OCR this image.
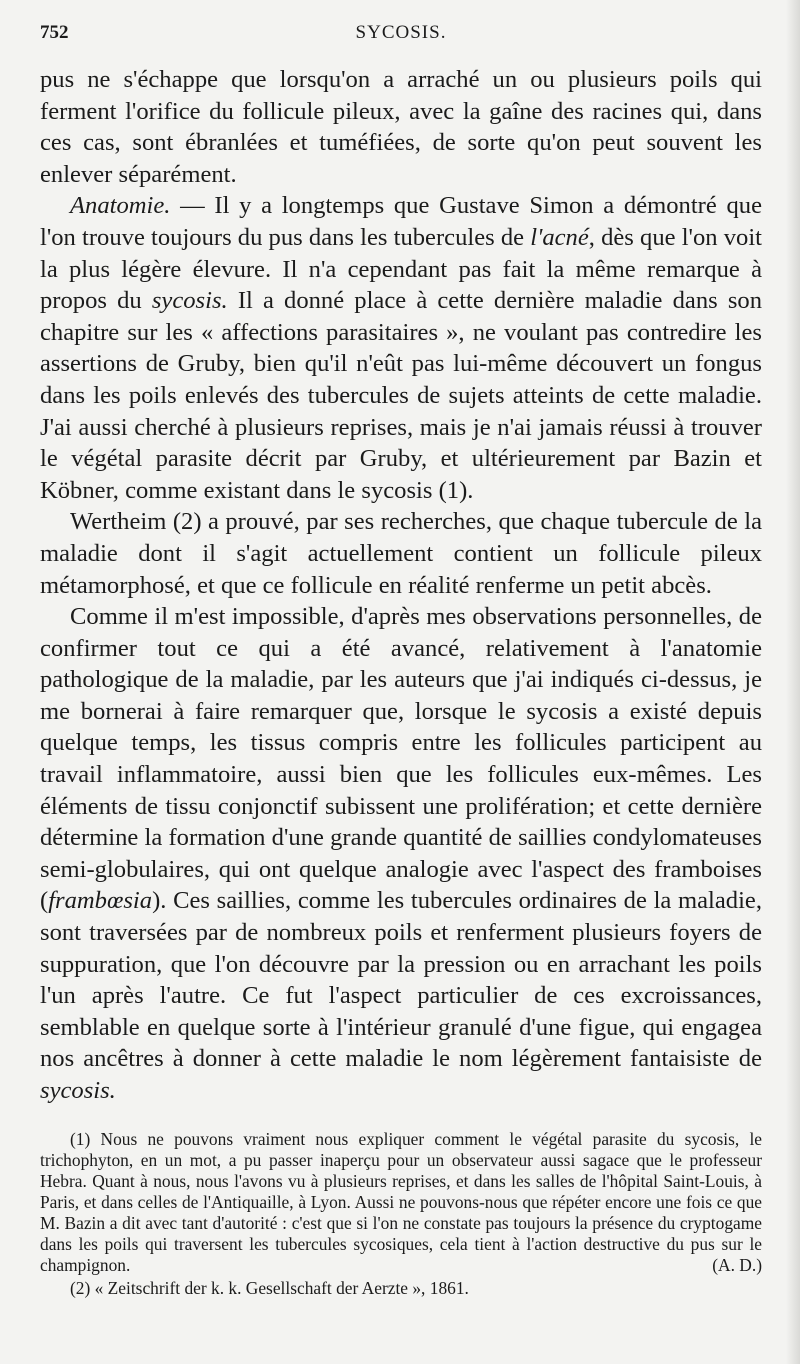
752	SYCOSIS.

pus ne s'échappe que lorsqu'on a arraché un ou plusieurs poils qui ferment l'orifice du follicule pileux, avec la gaîne des racines qui, dans ces cas, sont ébranlées et tuméfiées, de sorte qu'on peut souvent les enlever séparément.

Anatomie. — Il y a longtemps que Gustave Simon a démontré que l'on trouve toujours du pus dans les tubercules de l'acné, dès que l'on voit la plus légère élevure. Il n'a cependant pas fait la même remarque à propos du sycosis. Il a donné place à cette dernière maladie dans son chapitre sur les « affections parasitaires », ne voulant pas contredire les assertions de Gruby, bien qu'il n'eût pas lui-même découvert un fongus dans les poils enlevés des tubercules de sujets atteints de cette maladie. J'ai aussi cherché à plusieurs reprises, mais je n'ai jamais réussi à trouver le végétal parasite décrit par Gruby, et ultérieurement par Bazin et Köbner, comme existant dans le sycosis (1).

Wertheim (2) a prouvé, par ses recherches, que chaque tubercule de la maladie dont il s'agit actuellement contient un follicule pileux métamorphosé, et que ce follicule en réalité renferme un petit abcès.

Comme il m'est impossible, d'après mes observations personnelles, de confirmer tout ce qui a été avancé, relativement à l'anatomie pathologique de la maladie, par les auteurs que j'ai indiqués ci-dessus, je me bornerai à faire remarquer que, lorsque le sycosis a existé depuis quelque temps, les tissus compris entre les follicules participent au travail inflammatoire, aussi bien que les follicules eux-mêmes. Les éléments de tissu conjonctif subissent une prolifération; et cette dernière détermine la formation d'une grande quantité de saillies condylomateuses semi-globulaires, qui ont quelque analogie avec l'aspect des framboises (frambœsia). Ces saillies, comme les tubercules ordinaires de la maladie, sont traversées par de nombreux poils et renferment plusieurs foyers de suppuration, que l'on découvre par la pression ou en arrachant les poils l'un après l'autre. Ce fut l'aspect particulier de ces excroissances, semblable en quelque sorte à l'intérieur granulé d'une figue, qui engagea nos ancêtres à donner à cette maladie le nom légèrement fantaisiste de sycosis.

(1) Nous ne pouvons vraiment nous expliquer comment le végétal parasite du sycosis, le trichophyton, en un mot, a pu passer inaperçu pour un observateur aussi sagace que le professeur Hebra. Quant à nous, nous l'avons vu à plusieurs reprises, et dans les salles de l'hôpital Saint-Louis, à Paris, et dans celles de l'Antiquaille, à Lyon. Aussi ne pouvons-nous que répéter encore une fois ce que M. Bazin a dit avec tant d'autorité : c'est que si l'on ne constate pas toujours la présence du cryptogame dans les poils qui traversent les tubercules sycosiques, cela tient à l'action destructive du pus sur le champignon.	(A. D.)

(2) « Zeitschrift der k. k. Gesellschaft der Aerzte », 1861.
